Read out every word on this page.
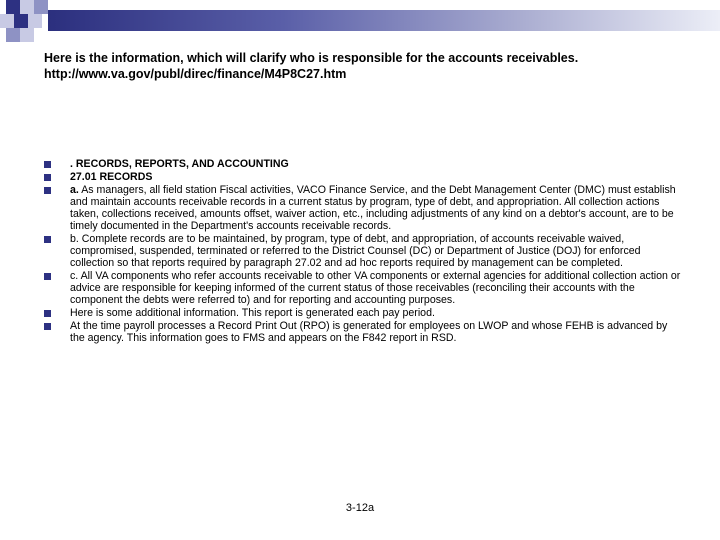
Here is the information, which will clarify who is responsible for the accounts receivables.
http://www.va.gov/publ/direc/finance/M4P8C27.htm
. RECORDS, REPORTS, AND ACCOUNTING
27.01 RECORDS
a. As managers, all field station Fiscal activities, VACO Finance Service, and the Debt Management Center (DMC) must establish and maintain accounts receivable records in a current status by program, type of debt, and appropriation. All collection actions taken, collections received, amounts offset, waiver action, etc., including adjustments of any kind on a debtor's account, are to be timely documented in the Department's accounts receivable records.
b. Complete records are to be maintained, by program, type of debt, and appropriation, of accounts receivable waived, compromised, suspended, terminated or referred to the District Counsel (DC) or Department of Justice (DOJ) for enforced collection so that reports required by paragraph 27.02 and ad hoc reports required by management can be completed.
c. All VA components who refer accounts receivable to other VA components or external agencies for additional collection action or advice are responsible for keeping informed of the current status of those receivables (reconciling their accounts with the component the debts were referred to) and for reporting and accounting purposes.
Here is some additional information. This report is generated each pay period.
At the time payroll processes a Record Print Out (RPO) is generated for employees on LWOP and whose FEHB is advanced by the agency. This information goes to FMS and appears on the F842 report in RSD.
3-12a
